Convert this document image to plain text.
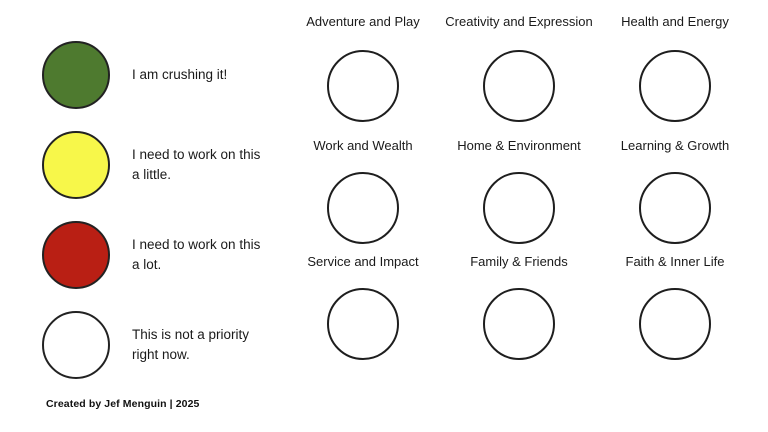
I am crushing it!
I need to work on this a little.
I need to work on this a lot.
This is not a priority right now.
Created by Jef Menguin | 2025
Adventure and Play	Creativity and Expression	Health and Energy
Work and Wealth	Home & Environment	Learning & Growth
Service and Impact	Family & Friends	Faith & Inner Life
